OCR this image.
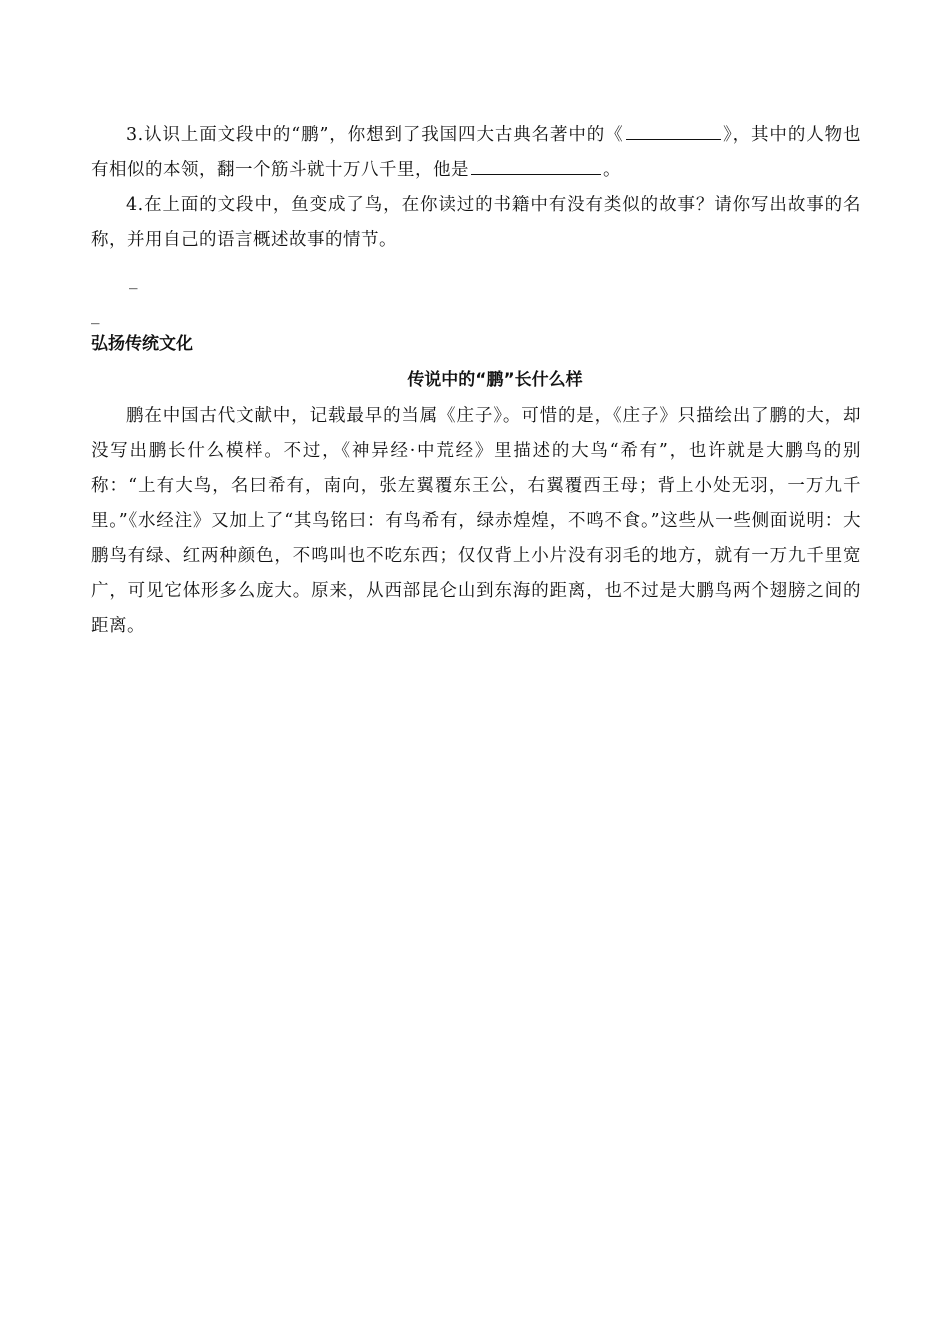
3.认识上面文段中的“鹏”，你想到了我国四大古典名著中的《	》，其中的人物也有相似的本领，翻一个筋斗就十万八千里，他是	。

4.在上面的文段中，鱼变成了鸟，在你读过的书籍中有没有类似的故事？请你写出故事的名称，并用自己的语言概述故事的情节。

_
_
弘扬传统文化
传说中的“鹏”长什么样

鹏在中国古代文献中，记载最早的当属《庄子》。可惜的是，《庄子》只描绘出了鹏的大，却没写出鹏长什么模样。不过，《神异经·中荒经》里描述的大鸟“希有”，也许就是大鹏鸟的别称：“上有大鸟，名曰希有，南向，张左翼覆东王公，右翼覆西王母；背上小处无羽，一万九千里。”《水经注》又加上了“其鸟铭曰：有鸟希有，绿赤煌煌，不鸣不食。”这些从一些侧面说明：大鹏鸟有绿、红两种颜色，不鸣叫也不吃东西；仅仅背上小片没有羽毛的地方，就有一万九千里宽广，可见它体形多么庞大。原来，从西部昆仑山到东海的距离，也不过是大鹏鸟两个翅膀之间的距离。
